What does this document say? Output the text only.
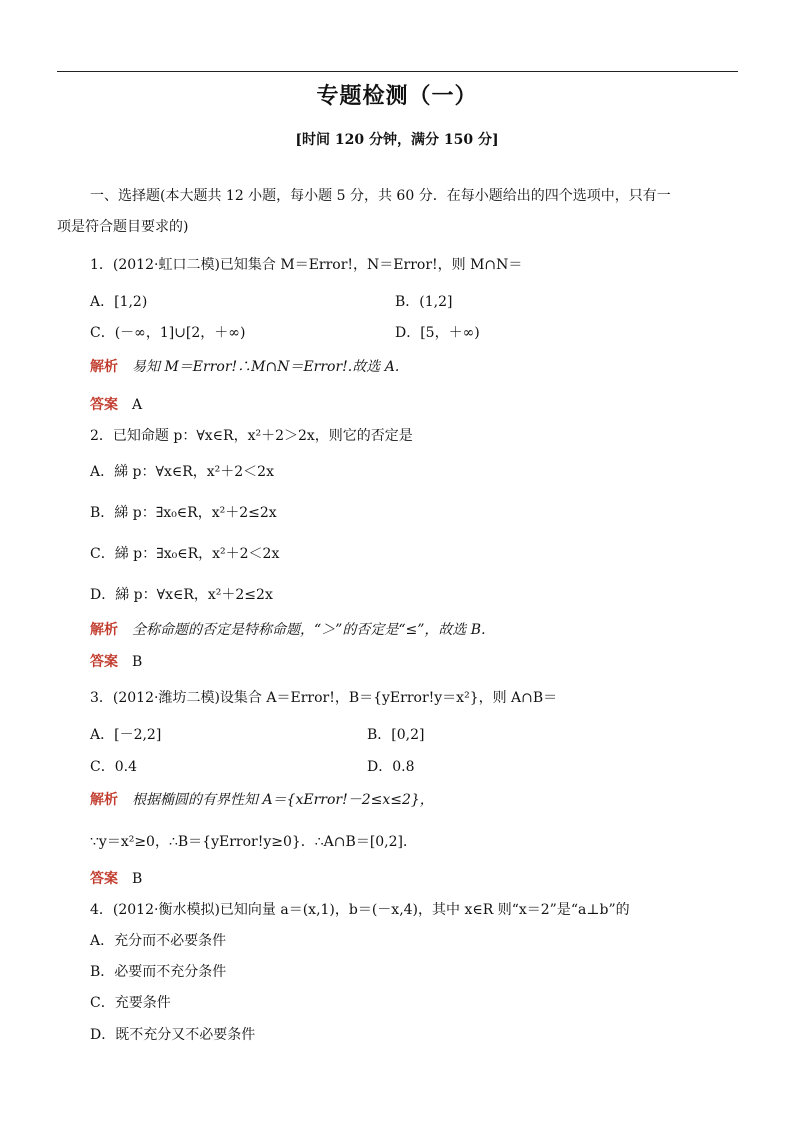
专题检测（一）
[时间 120 分钟，满分 150 分]
一、选择题(本大题共 12 小题，每小题 5 分，共 60 分．在每小题给出的四个选项中，只有一
项是符合题目要求的)
1．(2012·虹口二模)已知集合 M＝Error!，N＝Error!，则 M∩N＝
A．[1,2)	B．(1,2]
C．(－∞，1]∪[2，＋∞)	D．[5，＋∞)
解析 易知 M＝Error!∴M∩N＝Error!.故选 A.
答案 A
2．已知命题 p：∀x∈R，x²＋2＞2x，则它的否定是
A．綈 p：∀x∈R，x²＋2＜2x
B．綈 p：∃x₀∈R，x²＋2≤2x
C．綈 p：∃x₀∈R，x²＋2＜2x
D．綈 p：∀x∈R，x²＋2≤2x
解析 全称命题的否定是特称命题，“＞”的否定是“≤”，故选 B.
答案 B
3．(2012·潍坊二模)设集合 A＝Error!，B＝{yError!y＝x²}，则 A∩B＝
A．[－2,2]	B．[0,2]
C．0.4	D．0.8
解析 根据椭圆的有界性知 A＝{xError!－2≤x≤2}，
∵y＝x²≥0，∴B＝{yError!y≥0}．∴A∩B＝[0,2]．
答案 B
4．(2012·衡水模拟)已知向量 a＝(x,1)，b＝(－x,4)，其中 x∈R 则“x＝2”是“a⊥b”的
A．充分而不必要条件
B．必要而不充分条件
C．充要条件
D．既不充分又不必要条件
